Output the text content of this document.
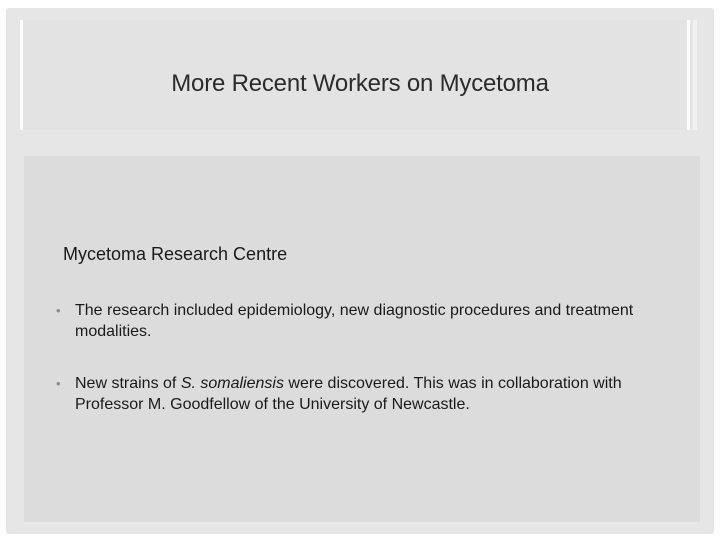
More Recent Workers on Mycetoma
Mycetoma Research Centre
• The research included epidemiology, new diagnostic procedures and treatment modalities.
• New strains of S. somaliensis were discovered. This was in collaboration with Professor M. Goodfellow of the University of Newcastle.
